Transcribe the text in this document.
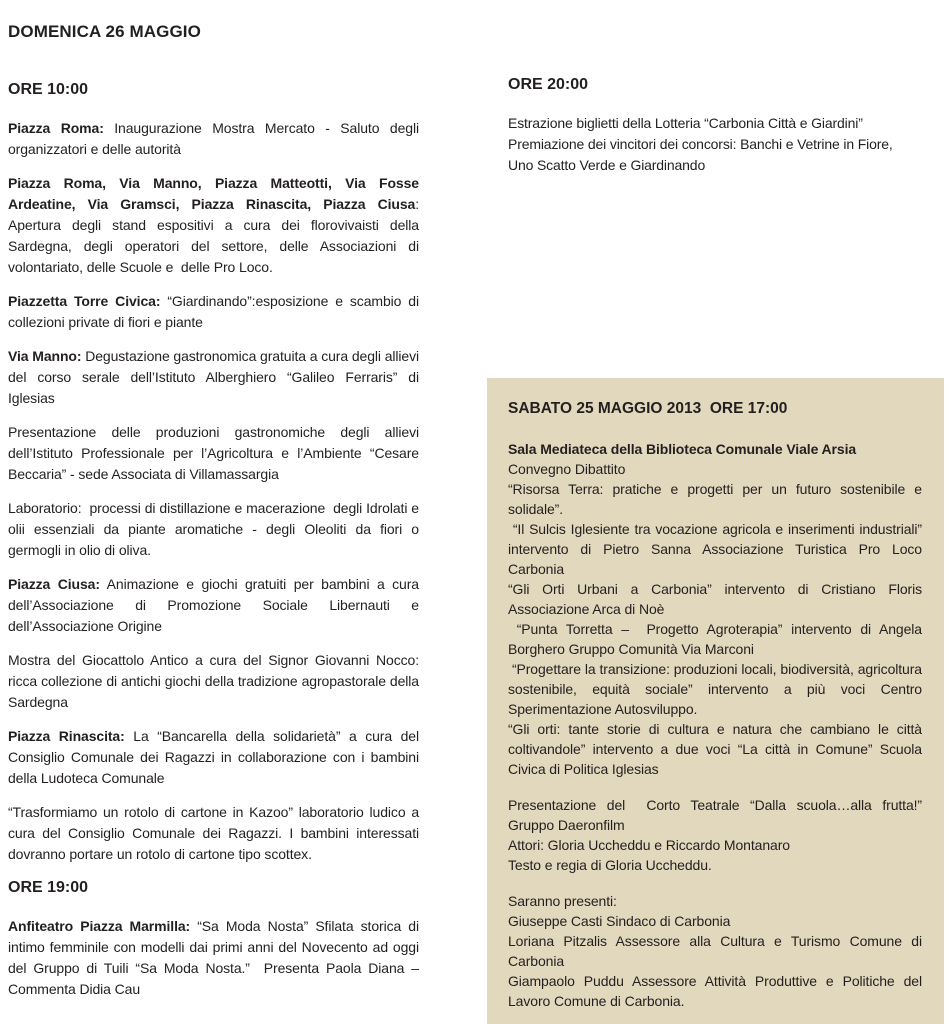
DOMENICA 26 MAGGIO
ORE 10:00

Piazza Roma: Inaugurazione Mostra Mercato - Saluto degli organizzatori e delle autorità

Piazza Roma, Via Manno, Piazza Matteotti, Via Fosse Ardeatine, Via Gramsci, Piazza Rinascita, Piazza Ciusa: Apertura degli stand espositivi a cura dei florovivaisti della Sardegna, degli operatori del settore, delle Associazioni di volontariato, delle Scuole e  delle Pro Loco.

Piazzetta Torre Civica: “Giardinando”:esposizione e scambio di collezioni private di fiori e piante

Via Manno: Degustazione gastronomica gratuita a cura degli allievi del corso serale dell’Istituto Alberghiero “Galileo Ferraris” di Iglesias

Presentazione delle produzioni gastronomiche degli allievi dell’Istituto Professionale per l’Agricoltura e l’Ambiente “Cesare Beccaria” - sede Associata di Villamassargia

Laboratorio:  processi di distillazione e macerazione  degli Idrolati e olii essenziali da piante aromatiche - degli Oleoliti da fiori o germogli in olio di oliva.

Piazza Ciusa: Animazione e giochi gratuiti per bambini a cura dell’Associazione di Promozione Sociale Libernauti e dell’Associazione Origine

Mostra del Giocattolo Antico a cura del Signor Giovanni Nocco: ricca collezione di antichi giochi della tradizione agropastorale della Sardegna

Piazza Rinascita: La “Bancarella della solidarietà” a cura del Consiglio Comunale dei Ragazzi in collaborazione con i bambini della Ludoteca Comunale

“Trasformiamo un rotolo di cartone in Kazoo” laboratorio ludico a cura del Consiglio Comunale dei Ragazzi. I bambini interessati dovranno portare un rotolo di cartone tipo scottex.

ORE 19:00

Anfiteatro Piazza Marmilla: “Sa Moda Nosta” Sfilata storica di intimo femminile con modelli dai primi anni del Novecento ad oggi del Gruppo di Tuili “Sa Moda Nosta.”  Presenta Paola Diana – Commenta Didia Cau

ORE 20:00
Estrazione biglietti della Lotteria “Carbonia Città e Giardini”
Premiazione dei vincitori dei concorsi: Banchi e Vetrine in Fiore,
Uno Scatto Verde e Giardinando

SABATO 25 MAGGIO 2013  ORE 17:00

Sala Mediateca della Biblioteca Comunale Viale Arsia

Convegno Dibattito

“Risorsa Terra: pratiche e progetti per un futuro sostenibile e solidale”.

“Il Sulcis Iglesiente tra vocazione agricola e inserimenti industriali” intervento di Pietro Sanna Associazione Turistica Pro Loco Carbonia

“Gli Orti Urbani a Carbonia” intervento di Cristiano Floris Associazione Arca di Noè

“Punta Torretta –  Progetto Agroterapia” intervento di Angela Borghero Gruppo Comunità Via Marconi

“Progettare la transizione: produzioni locali, biodiversità, agricoltura sostenibile, equità sociale” intervento a più voci Centro Sperimentazione Autosviluppo.

“Gli orti: tante storie di cultura e natura che cambiano le città coltivandole” intervento a due voci “La città in Comune” Scuola Civica di Politica Iglesias

Presentazione del  Corto Teatrale “Dalla scuola…alla frutta!” Gruppo Daeronfilm

Attori: Gloria Uccheddu e Riccardo Montanaro

Testo e regia di Gloria Uccheddu.

Saranno presenti:

Giuseppe Casti Sindaco di Carbonia

Loriana Pitzalis Assessore alla Cultura e Turismo Comune di Carbonia

Giampaolo Puddu Assessore Attività Produttive e Politiche del Lavoro Comune di Carbonia.
